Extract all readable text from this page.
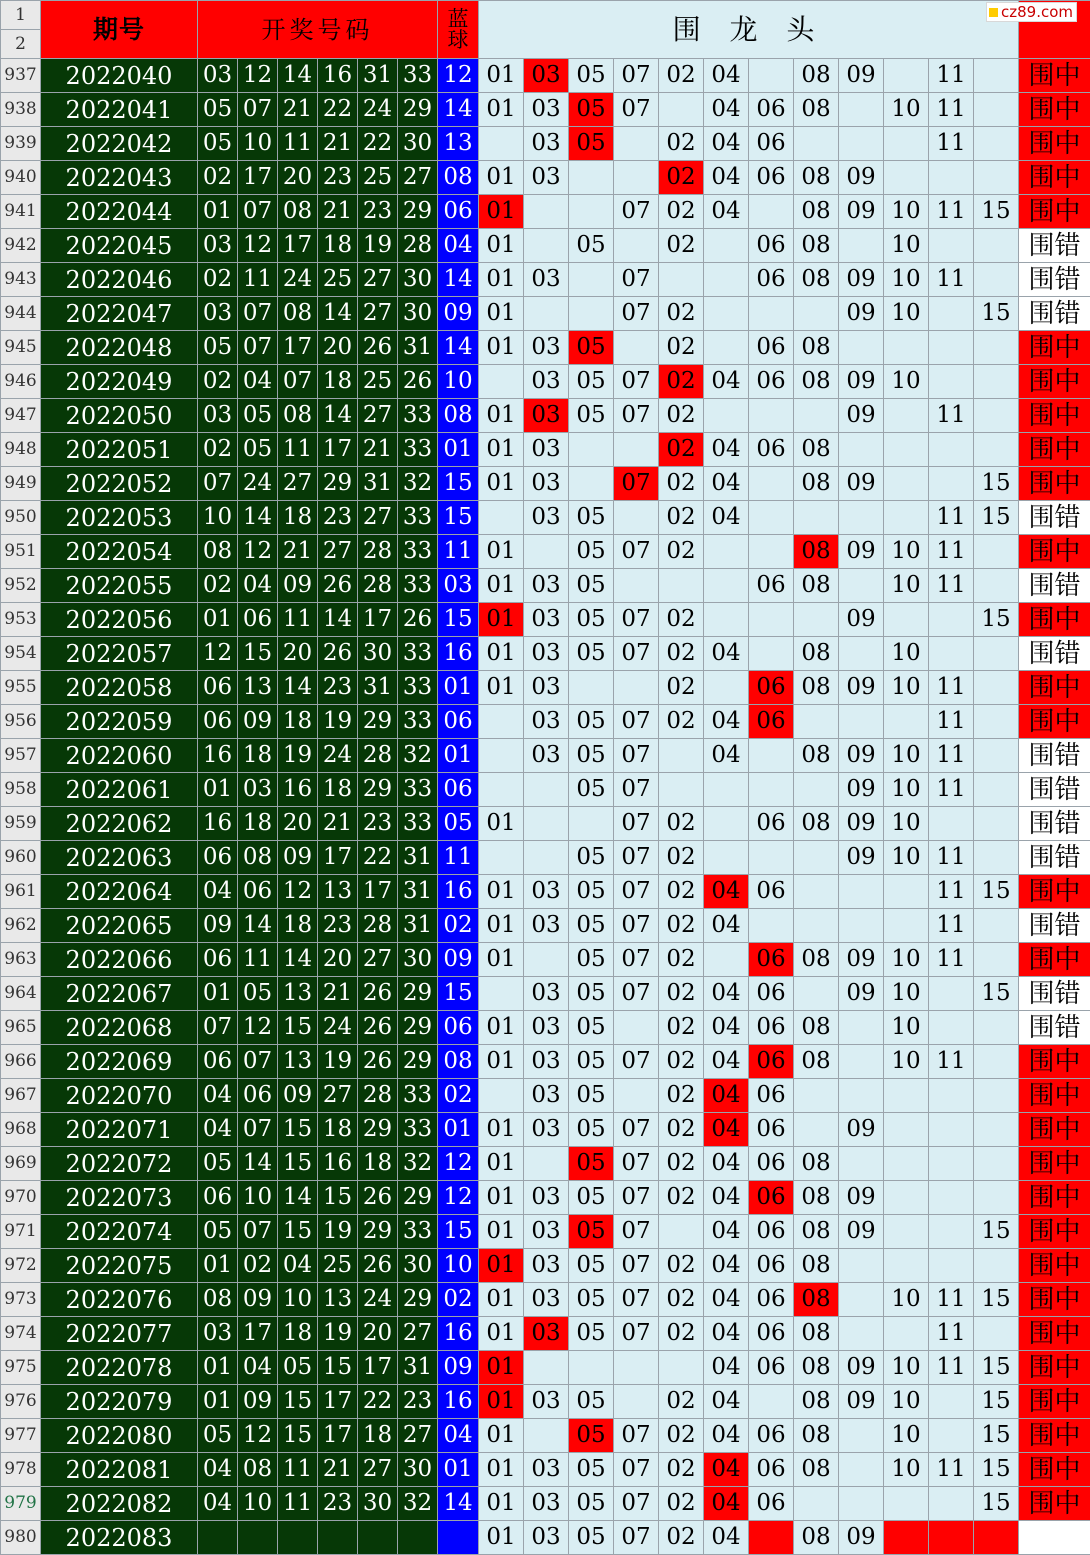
1	期号	开奖号码						蓝
球	围 龙 头												
2																					
937	2022040	03	12	14	16	31	33	12	01	03	05	07	02	04		08	09		11		围中
938	2022041	05	07	21	22	24	29	14	01	03	05	07		04	06	08		10	11		围中
939	2022042	05	10	11	21	22	30	13		03	05		02	04	06				11		围中
940	2022043	02	17	20	23	25	27	08	01	03			02	04	06	08	09				围中
941	2022044	01	07	08	21	23	29	06	01			07	02	04		08	09	10	11	15	围中
942	2022045	03	12	17	18	19	28	04	01		05		02		06	08		10			围错
943	2022046	02	11	24	25	27	30	14	01	03		07			06	08	09	10	11		围错
944	2022047	03	07	08	14	27	30	09	01			07	02				09	10		15	围错
945	2022048	05	07	17	20	26	31	14	01	03	05		02		06	08					围中
946	2022049	02	04	07	18	25	26	10		03	05	07	02	04	06	08	09	10			围中
947	2022050	03	05	08	14	27	33	08	01	03	05	07	02				09		11		围中
948	2022051	02	05	11	17	21	33	01	01	03			02	04	06	08					围中
949	2022052	07	24	27	29	31	32	15	01	03		07	02	04		08	09			15	围中
950	2022053	10	14	18	23	27	33	15		03	05		02	04					11	15	围错
951	2022054	08	12	21	27	28	33	11	01		05	07	02			08	09	10	11		围中
952	2022055	02	04	09	26	28	33	03	01	03	05				06	08		10	11		围错
953	2022056	01	06	11	14	17	26	15	01	03	05	07	02				09			15	围中
954	2022057	12	15	20	26	30	33	16	01	03	05	07	02	04		08		10			围错
955	2022058	06	13	14	23	31	33	01	01	03			02		06	08	09	10	11		围中
956	2022059	06	09	18	19	29	33	06		03	05	07	02	04	06				11		围中
957	2022060	16	18	19	24	28	32	01		03	05	07		04		08	09	10	11		围错
958	2022061	01	03	16	18	29	33	06			05	07					09	10	11		围错
959	2022062	16	18	20	21	23	33	05	01			07	02		06	08	09	10			围错
960	2022063	06	08	09	17	22	31	11			05	07	02				09	10	11		围错
961	2022064	04	06	12	13	17	31	16	01	03	05	07	02	04	06				11	15	围中
962	2022065	09	14	18	23	28	31	02	01	03	05	07	02	04					11		围错
963	2022066	06	11	14	20	27	30	09	01		05	07	02		06	08	09	10	11		围中
964	2022067	01	05	13	21	26	29	15		03	05	07	02	04	06		09	10		15	围错
965	2022068	07	12	15	24	26	29	06	01	03	05		02	04	06	08		10			围错
966	2022069	06	07	13	19	26	29	08	01	03	05	07	02	04	06	08		10	11		围中
967	2022070	04	06	09	27	28	33	02		03	05		02	04	06						围中
968	2022071	04	07	15	18	29	33	01	01	03	05	07	02	04	06		09				围中
969	2022072	05	14	15	16	18	32	12	01		05	07	02	04	06	08					围中
970	2022073	06	10	14	15	26	29	12	01	03	05	07	02	04	06	08	09				围中
971	2022074	05	07	15	19	29	33	15	01	03	05	07		04	06	08	09			15	围中
972	2022075	01	02	04	25	26	30	10	01	03	05	07	02	04	06	08					围中
973	2022076	08	09	10	13	24	29	02	01	03	05	07	02	04	06	08		10	11	15	围中
974	2022077	03	17	18	19	20	27	16	01	03	05	07	02	04	06	08			11		围中
975	2022078	01	04	05	15	17	31	09	01					04	06	08	09	10	11	15	围中
976	2022079	01	09	15	17	22	23	16	01	03	05		02	04		08	09	10		15	围中
977	2022080	05	12	15	17	18	27	04	01		05	07	02	04	06	08		10		15	围中
978	2022081	04	08	11	21	27	30	01	01	03	05	07	02	04	06	08		10	11	15	围中
979	2022082	04	10	11	23	30	32	14	01	03	05	07	02	04	06					15	围中
980	2022083								01	03	05	07	02	04		08	09				
cz89.com
